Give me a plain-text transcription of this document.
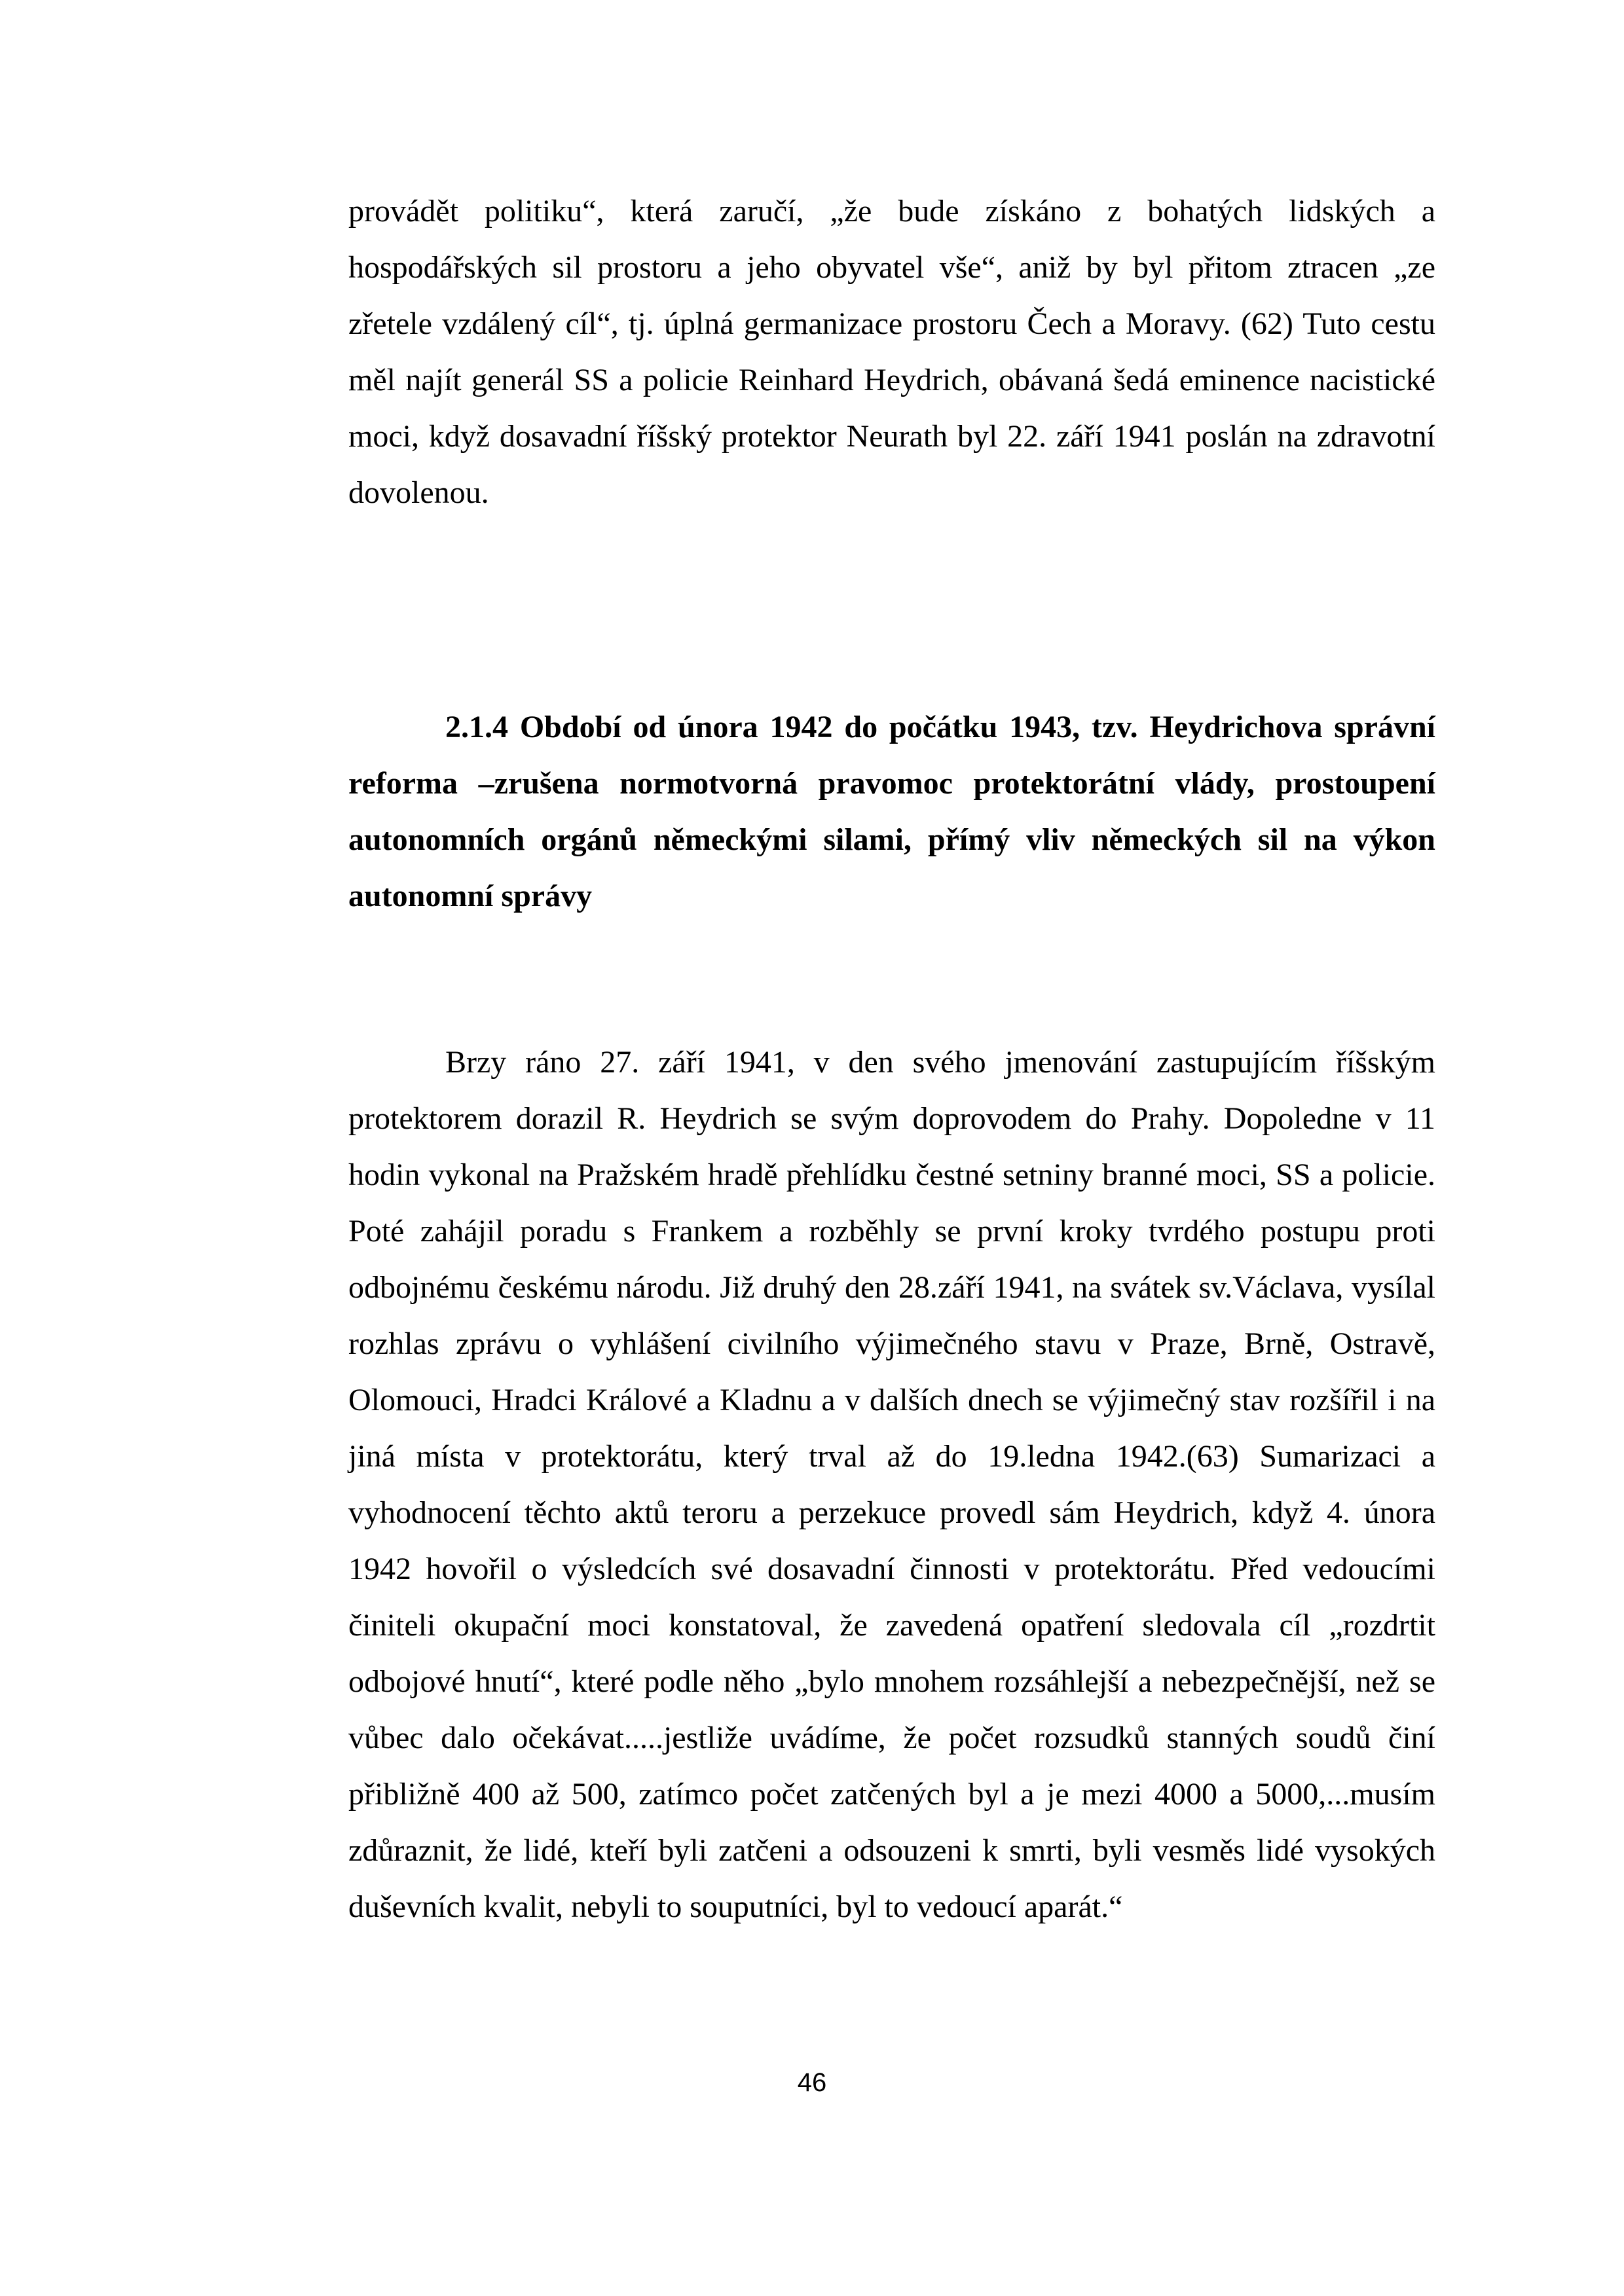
provádět politiku“, která zaručí, „že bude získáno z bohatých lidských a hospodářských sil prostoru a jeho obyvatel vše“, aniž by byl přitom ztracen „ze zřetele vzdálený cíl“, tj. úplná germanizace prostoru Čech a Moravy. (62) Tuto cestu měl najít generál SS a policie Reinhard Heydrich, obávaná šedá eminence nacistické moci, když dosavadní říšský protektor Neurath byl 22. září 1941 poslán na zdravotní dovolenou.

2.1.4 Období od února 1942 do počátku 1943, tzv. Heydrichova správní reforma –zrušena normotvorná pravomoc protektorátní vlády, prostoupení autonomních orgánů německými silami, přímý vliv německých sil na výkon autonomní správy

Brzy ráno 27. září 1941, v den svého jmenování zastupujícím říšským protektorem dorazil R. Heydrich se svým doprovodem do Prahy. Dopoledne v 11 hodin vykonal na Pražském hradě přehlídku čestné setniny branné moci, SS a policie. Poté zahájil poradu s Frankem a rozběhly se první kroky tvrdého postupu proti odbojnému českému národu. Již druhý den 28.září 1941, na svátek sv.Václava, vysílal rozhlas zprávu o vyhlášení civilního výjimečného stavu v Praze, Brně, Ostravě, Olomouci, Hradci Králové a Kladnu a v dalších dnech se výjimečný stav rozšířil i na jiná místa v protektorátu, který trval až do 19.ledna 1942.(63) Sumarizaci a vyhodnocení těchto aktů teroru a perzekuce provedl sám Heydrich, když 4. února 1942 hovořil o výsledcích své dosavadní činnosti v protektorátu. Před vedoucími činiteli okupační moci konstatoval, že zavedená opatření sledovala cíl „rozdrtit odbojové hnutí“, které podle něho „bylo mnohem rozsáhlejší a nebezpečnější, než se vůbec dalo očekávat.....jestliže uvádíme, že počet rozsudků stanných soudů činí přibližně 400 až 500, zatímco počet zatčených byl a je mezi 4000 a 5000,...musím zdůraznit, že lidé, kteří byli zatčeni a odsouzeni k smrti, byli vesměs lidé vysokých duševních kvalit, nebyli to souputníci, byl to vedoucí aparát.“

46
